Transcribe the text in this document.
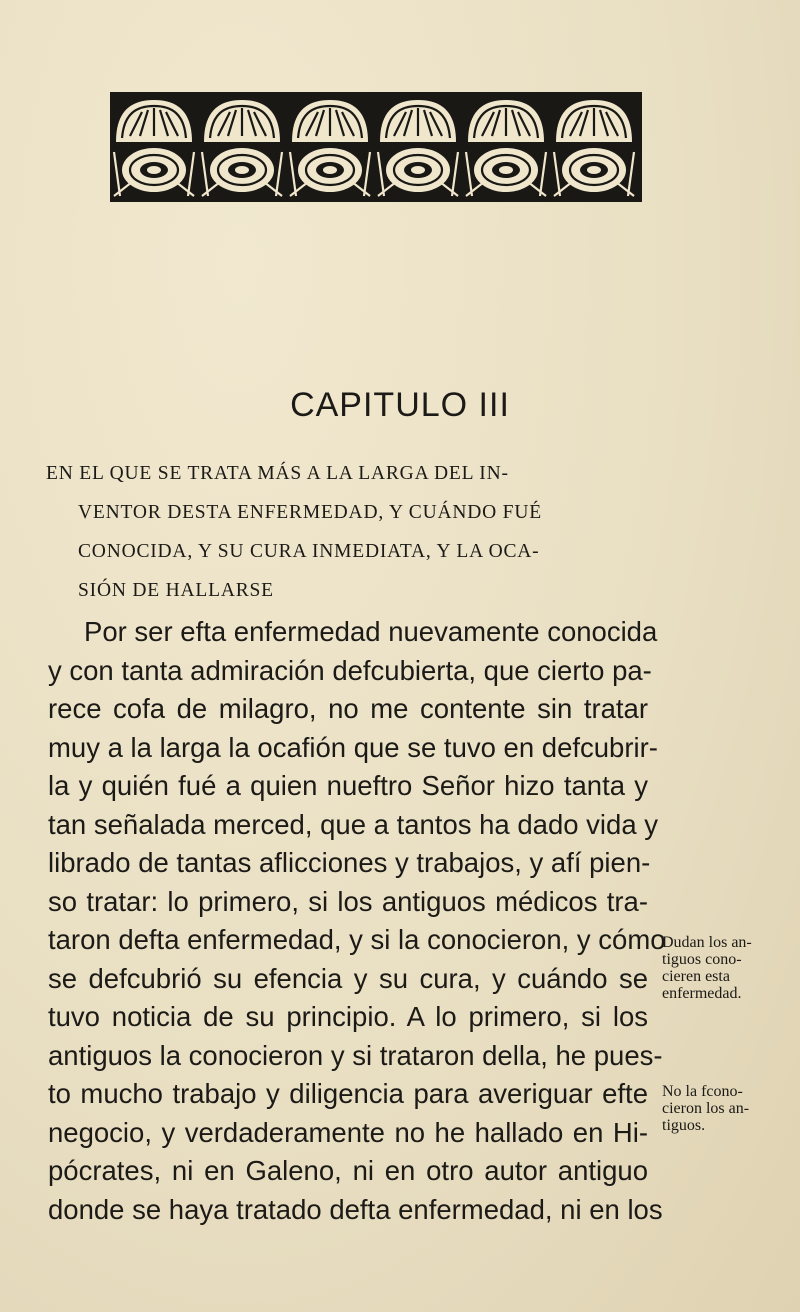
CAPITULO III

EN EL QUE SE TRATA MÁS A LA LARGA DEL IN-
VENTOR DESTA ENFERMEDAD, Y CUÁNDO FUÉ
CONOCIDA, Y SU CURA INMEDIATA, Y LA OCA-
SIÓN DE HALLARSE

Por ser efta enfermedad nuevamente conocida
y con tanta admiración defcubierta, que cierto pa-
rece cofa de milagro, no me contente sin tratar
muy a la larga la ocafión que se tuvo en defcubrir-
la y quién fué a quien nueftro Señor hizo tanta y
tan señalada merced, que a tantos ha dado vida y
librado de tantas aflicciones y trabajos, y afí pien-
so tratar: lo primero, si los antiguos médicos tra-
taron defta enfermedad, y si la conocieron, y cómo
se defcubrió su efencia y su cura, y cuándo se
tuvo noticia de su principio. A lo primero, si los
antiguos la conocieron y si trataron della, he pues-
to mucho trabajo y diligencia para averiguar efte
negocio, y verdaderamente no he hallado en Hi-
pócrates, ni en Galeno, ni en otro autor antiguo
donde se haya tratado defta enfermedad, ni en los

Dudan los an-
tiguos cono-
cieren esta
enfermedad.

No la fcono-
cieron los an-
tiguos.
